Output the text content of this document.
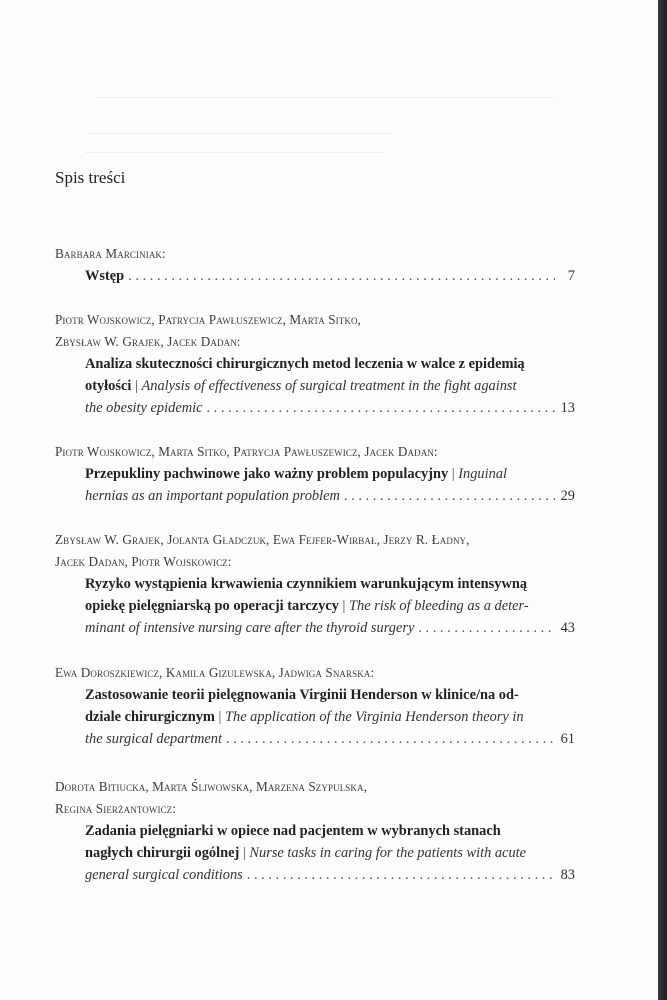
Spis treści
Barbara Marciniak:
Wstęp . . .	7
Piotr Wojskowicz, Patrycja Pawłuszewicz, Marta Sitko,
Zbysław W. Grajek, Jacek Dadan:
Analiza skuteczności chirurgicznych metod leczenia w walce z epidemią
otyłości | Analysis of effectiveness of surgical treatment in the fight against
the obesity epidemic . . .	13
Piotr Wojskowicz, Marta Sitko, Patrycja Pawłuszewicz, Jacek Dadan:
Przepukliny pachwinowe jako ważny problem populacyjny | Inguinal
hernias as an important population problem . . .	29
Zbysław W. Grajek, Jolanta Gładczuk, Ewa Fejfer-Wirbał, Jerzy R. Ładny,
Jacek Dadan, Piotr Wojskowicz:
Ryzyko wystąpienia krwawienia czynnikiem warunkującym intensywną
opiekę pielęgniarską po operacji tarczycy | The risk of bleeding as a deter-
minant of intensive nursing care after the thyroid surgery . . .	43
Ewa Doroszkiewicz, Kamila Gizulewska, Jadwiga Snarska:
Zastosowanie teorii pielęgnowania Virginii Henderson w klinice/na od-
dziale chirurgicznym | The application of the Virginia Henderson theory in
the surgical department . . .	61
Dorota Bitiucka, Marta Śliwowska, Marzena Szypulska,
Regina Sierżantowicz:
Zadania pielęgniarki w opiece nad pacjentem w wybranych stanach
nagłych chirurgii ogólnej | Nurse tasks in caring for the patients with acute
general surgical conditions . . .	83
